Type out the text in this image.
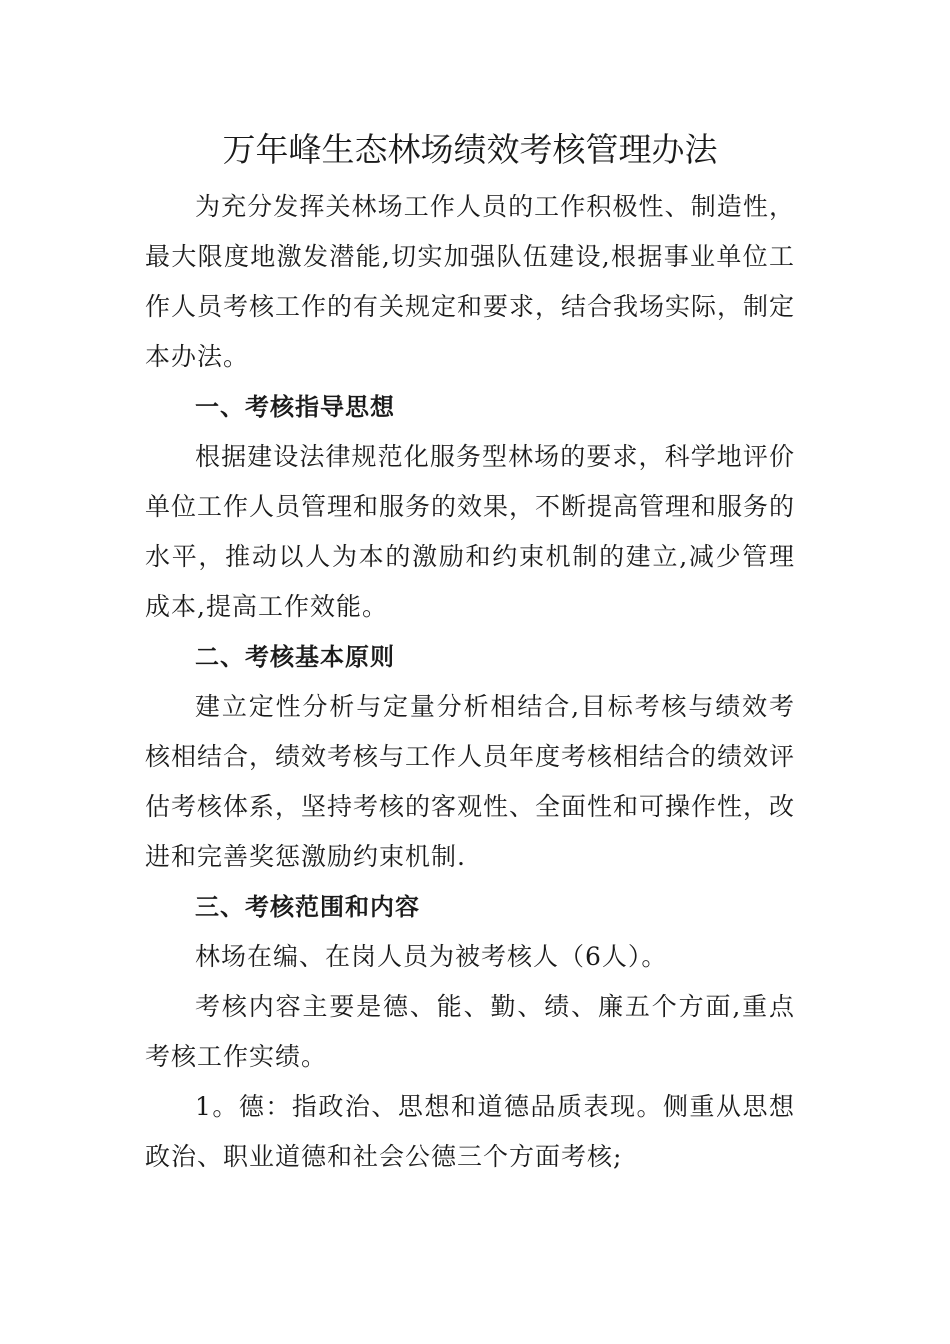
万年峰生态林场绩效考核管理办法

为充分发挥关林场工作人员的工作积极性、制造性，最大限度地激发潜能,切实加强队伍建设,根据事业单位工作人员考核工作的有关规定和要求，结合我场实际，制定本办法。

一、考核指导思想

根据建设法律规范化服务型林场的要求，科学地评价单位工作人员管理和服务的效果，不断提高管理和服务的水平，推动以人为本的激励和约束机制的建立,减少管理成本,提高工作效能。

二、考核基本原则

建立定性分析与定量分析相结合,目标考核与绩效考核相结合，绩效考核与工作人员年度考核相结合的绩效评估考核体系，坚持考核的客观性、全面性和可操作性，改进和完善奖惩激励约束机制.

三、考核范围和内容

林场在编、在岗人员为被考核人（6人）。

考核内容主要是德、能、勤、绩、廉五个方面,重点考核工作实绩。

1。德：指政治、思想和道德品质表现。侧重从思想政治、职业道德和社会公德三个方面考核;
